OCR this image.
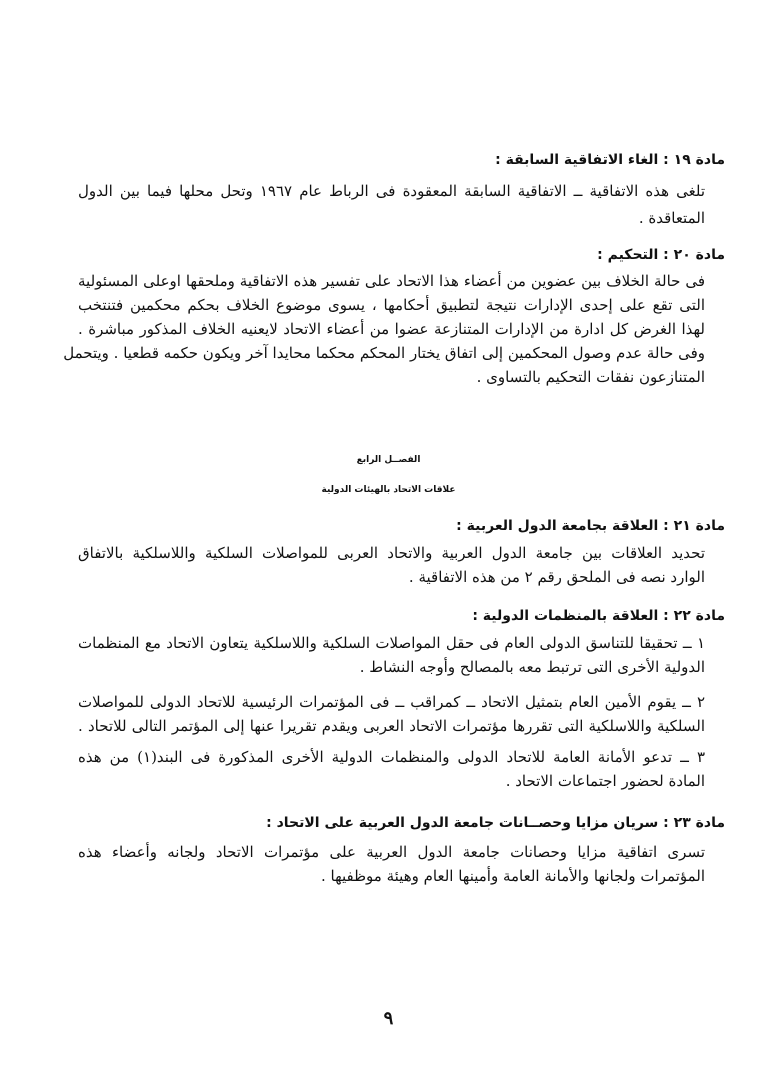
مادة ١٩ : الغاء الاتفاقية السابقة :
تلغى هذه الاتفاقية ــ الاتفاقية السابقة المعقودة فى الرباط عام ١٩٦٧ وتحل محلها فيما بين الدول
المتعاقدة .
مادة ٢٠ : التحكيم :
فى حالة الخلاف بين عضوين من أعضاء هذا الاتحاد على تفسير هذه الاتفاقية وملحقها اوعلى المسئولية
التى تقع على إحدى الإدارات نتيجة لتطبيق أحكامها ، يسوى موضوع الخلاف بحكم محكمين فتنتخب
لهذا الغرض كل ادارة من الإدارات المتنازعة عضوا من أعضاء الاتحاد لايعنيه الخلاف المذكور مباشرة .
وفى حالة عدم وصول المحكمين إلى اتفاق يختار المحكم محكما محايدا آخر ويكون حكمه قطعيا . ويتحمل
المتنازعون نفقات التحكيم بالتساوى .
الفصــل الرابع
علاقات الاتحاد بالهيئات الدولية
مادة ٢١ : العلاقة بجامعة الدول العربية :
تحديد العلاقات بين جامعة الدول العربية والاتحاد العربى للمواصلات السلكية واللاسلكية بالاتفاق
الوارد نصه فى الملحق رقم ٢ من هذه الاتفاقية .
مادة ٢٢ : العلاقة بالمنظمات الدولية :
١ ــ تحقيقا للتناسق الدولى العام فى حقل المواصلات السلكية واللاسلكية يتعاون الاتحاد مع المنظمات
الدولية الأخرى التى ترتبط معه بالمصالح وأوجه النشاط .
٢ ــ يقوم الأمين العام بتمثيل الاتحاد ــ كمراقب ــ فى المؤتمرات الرئيسية للاتحاد الدولى للمواصلات
السلكية واللاسلكية التى تقررها مؤتمرات الاتحاد العربى ويقدم تقريرا عنها إلى المؤتمر التالى للاتحاد .
٣ ــ تدعو الأمانة العامة للاتحاد الدولى والمنظمات الدولية الأخرى المذكورة فى البند(١) من هذه
المادة لحضور اجتماعات الاتحاد .
مادة ٢٣ : سريان مزايا وحصــانات جامعة الدول العربية على الاتحاد :
تسرى اتفاقية مزايا وحصانات جامعة الدول العربية على مؤتمرات الاتحاد ولجانه وأعضاء هذه
المؤتمرات ولجانها والأمانة العامة وأمينها العام وهيئة موظفيها .
٩
